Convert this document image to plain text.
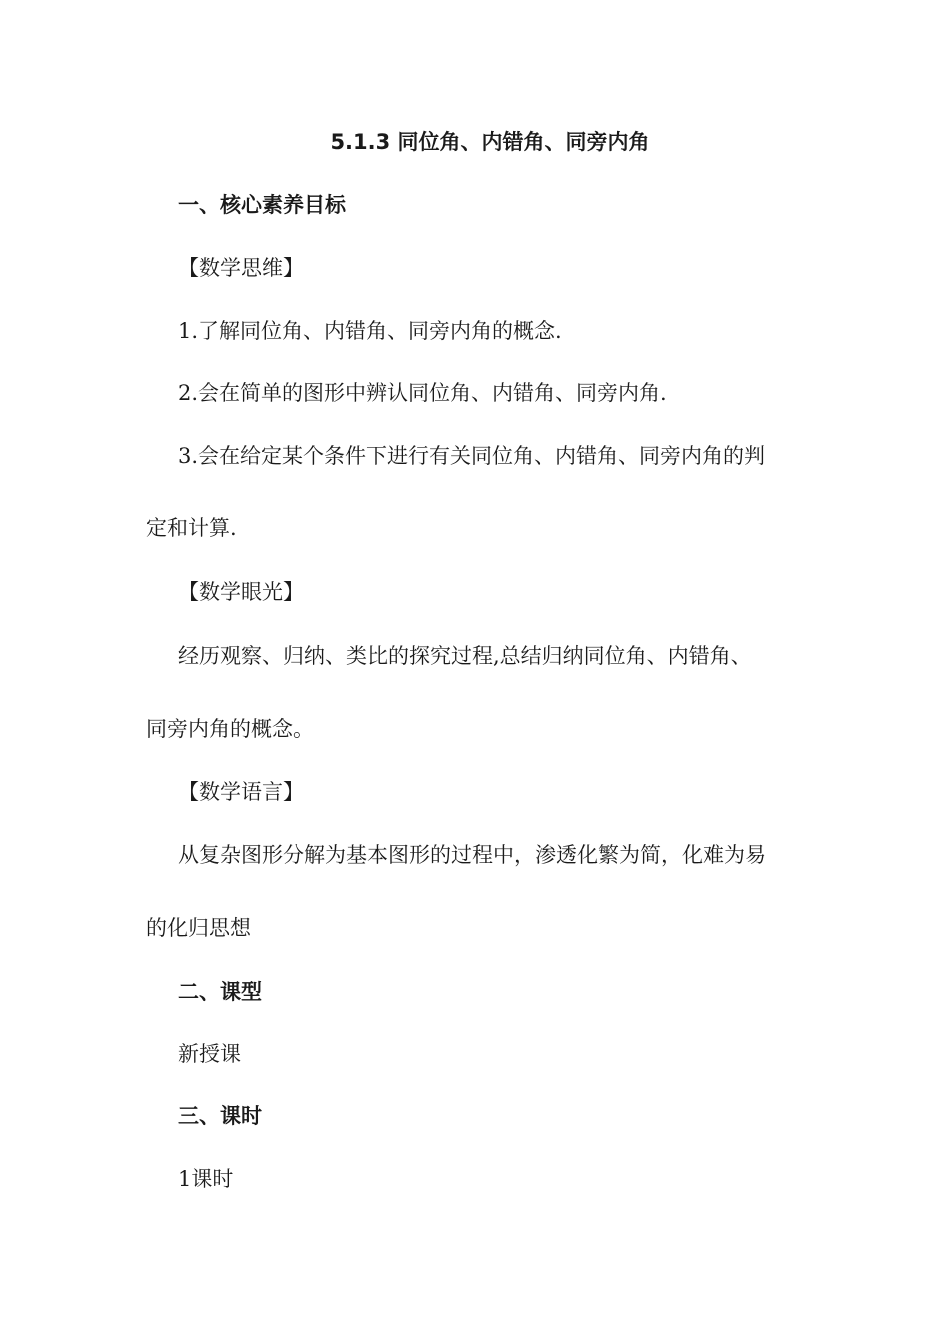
5.1.3 同位角、内错角、同旁内角
一、核心素养目标
【数学思维】
1.了解同位角、内错角、同旁内角的概念.
2.会在简单的图形中辨认同位角、内错角、同旁内角.
3.会在给定某个条件下进行有关同位角、内错角、同旁内角的判
定和计算.
【数学眼光】
经历观察、归纳、类比的探究过程,总结归纳同位角、内错角、
同旁内角的概念。
【数学语言】
从复杂图形分解为基本图形的过程中，渗透化繁为简，化难为易
的化归思想
二、课型
新授课
三、课时
1课时
